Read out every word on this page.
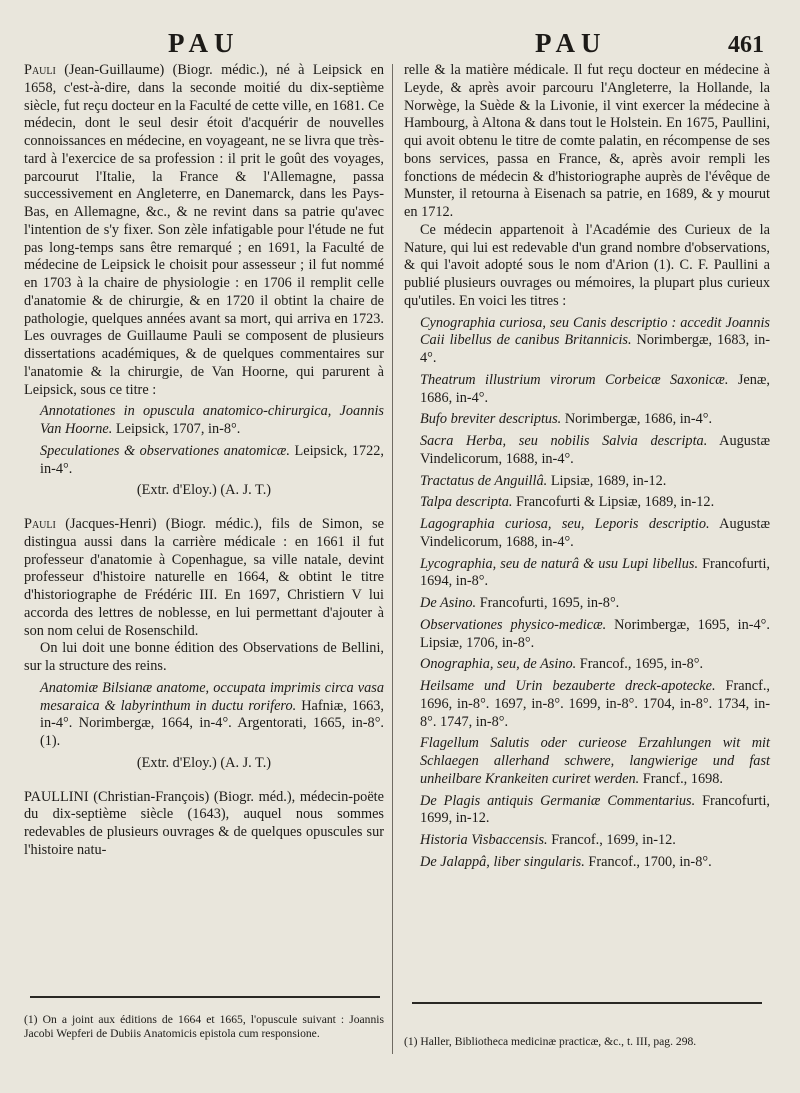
PAU	PAU	461

Pauli (Jean-Guillaume) (Biogr. médic.), né à Leipsick en 1658, c'est-à-dire, dans la seconde moitié du dix-septième siècle, fut reçu docteur en la Faculté de cette ville, en 1681. Ce médecin, dont le seul desir étoit d'acquérir de nouvelles connoissances en médecine, en voyageant, ne se livra que très-tard à l'exercice de sa profession : il prit le goût des voyages, parcourut l'Italie, la France & l'Allemagne, passa successivement en Angleterre, en Danemarck, dans les Pays-Bas, en Allemagne, &c., & ne revint dans sa patrie qu'avec l'intention de s'y fixer. Son zèle infatigable pour l'étude ne fut pas long-temps sans être remarqué ; en 1691, la Faculté de médecine de Leipsick le choisit pour assesseur ; il fut nommé en 1703 à la chaire de physiologie : en 1706 il remplit celle d'anatomie & de chirurgie, & en 1720 il obtint la chaire de pathologie, quelques années avant sa mort, qui arriva en 1723. Les ouvrages de Guillaume Pauli se composent de plusieurs dissertations académiques, & de quelques commentaires sur l'anatomie & la chirurgie, de Van Hoorne, qui parurent à Leipsick, sous ce titre :

Annotationes in opusculа anatomico-chirurgica, Joannis Van Hoorne. Leipsick, 1707, in-8°.

Speculationes & observationes anatomicæ. Leipsick, 1722, in-4°.

(Extr. d'Eloy.) (A. J. T.)

Pauli (Jacques-Henri) (Biogr. médic.), fils de Simon, se distingua aussi dans la carrière médicale : en 1661 il fut professeur d'anatomie à Copenhague, sa ville natale, devint professeur d'histoire naturelle en 1664, & obtint le titre d'historiographe de Frédéric III. En 1697, Christiern V lui accorda des lettres de noblesse, en lui permettant d'ajouter à son nom celui de Rosenschild.

On lui doit une bonne édition des Observations de Bellini, sur la structure des reins.

Anatomiæ Bilsianæ anatome, occupata imprimis circa vasa mesaraica & labyrinthum in ductu rorifero. Hafniæ, 1663, in-4°. Norimbergæ, 1664, in-4°. Argentorati, 1665, in-8°. (1).

(Extr. d'Eloy.) (A. J. T.)

PAULLINI (Christian-François) (Biogr. méd.), médecin-poëte du dix-septième siècle (1643), auquel nous sommes redevables de plusieurs ouvrages & de quelques opuscules sur l'histoire natu-

relle & la matière médicale. Il fut reçu docteur en médecine à Leyde, & après avoir parcouru l'Angleterre, la Hollande, la Norwège, la Suède & la Livonie, il vint exercer la médecine à Hambourg, à Altona & dans tout le Holstein. En 1675, Paullini, qui avoit obtenu le titre de comte palatin, en récompense de ses bons services, passa en France, &, après avoir rempli les fonctions de médecin & d'historiographe auprès de l'évêque de Munster, il retourna à Eisenach sa patrie, en 1689, & y mourut en 1712.

Ce médecin appartenoit à l'Académie des Curieux de la Nature, qui lui est redevable d'un grand nombre d'observations, & qui l'avoit adopté sous le nom d'Arion (1). C. F. Paullini a publié plusieurs ouvrages ou mémoires, la plupart plus curieux qu'utiles. En voici les titres :

Cynographia curiosa, seu Canis descriptio : accedit Joannis Caii libellus de canibus Britannicis. Norimbergæ, 1683, in-4°.

Theatrum illustrium virorum Corbeicæ Saxonicæ. Jenæ, 1686, in-4°.

Bufo breviter descriptus. Norimbergæ, 1686, in-4°.

Sacra Herba, seu nobilis Salvia descripta. Augustæ Vindelicorum, 1688, in-4°.

Tractatus de Anguillâ. Lipsiæ, 1689, in-12.

Talpa descripta. Francofurti & Lipsiæ, 1689, in-12.

Lagographia curiosa, seu, Leporis descriptio. Augustæ Vindelicorum, 1688, in-4°.

Lycographia, seu de naturâ & usu Lupi libellus. Francofurti, 1694, in-8°.

De Asino. Francofurti, 1695, in-8°.

Observationes physico-medicæ. Norimbergæ, 1695, in-4°. Lipsiæ, 1706, in-8°.

Onographia, seu, de Asino. Francof., 1695, in-8°.

Heilsame und Urin bezauberte dreck-apotecke. Francf., 1696, in-8°. 1697, in-8°. 1699, in-8°. 1704, in-8°. 1734, in-8°. 1747, in-8°.

Flagellum Salutis oder curieose Erzahlungen wit mit Schlaegen allerhand schwere, langwierige und fast unheilbare Krankeiten curiret werden. Francf., 1698.

De Plagis antiquis Germaniæ Commentarius. Francofurti, 1699, in-12.

Historia Visbaccensis. Francof., 1699, in-12.

De Jalappâ, liber singularis. Francof., 1700, in-8°.

(1) On a joint aux éditions de 1664 et 1665, l'opuscule suivant : Joannis Jacobi Wepferi de Dubiis Anatomicis epistola cum responsione.
(1) Haller, Bibliotheca medicinæ practicæ, &c., t. III, pag. 298.
